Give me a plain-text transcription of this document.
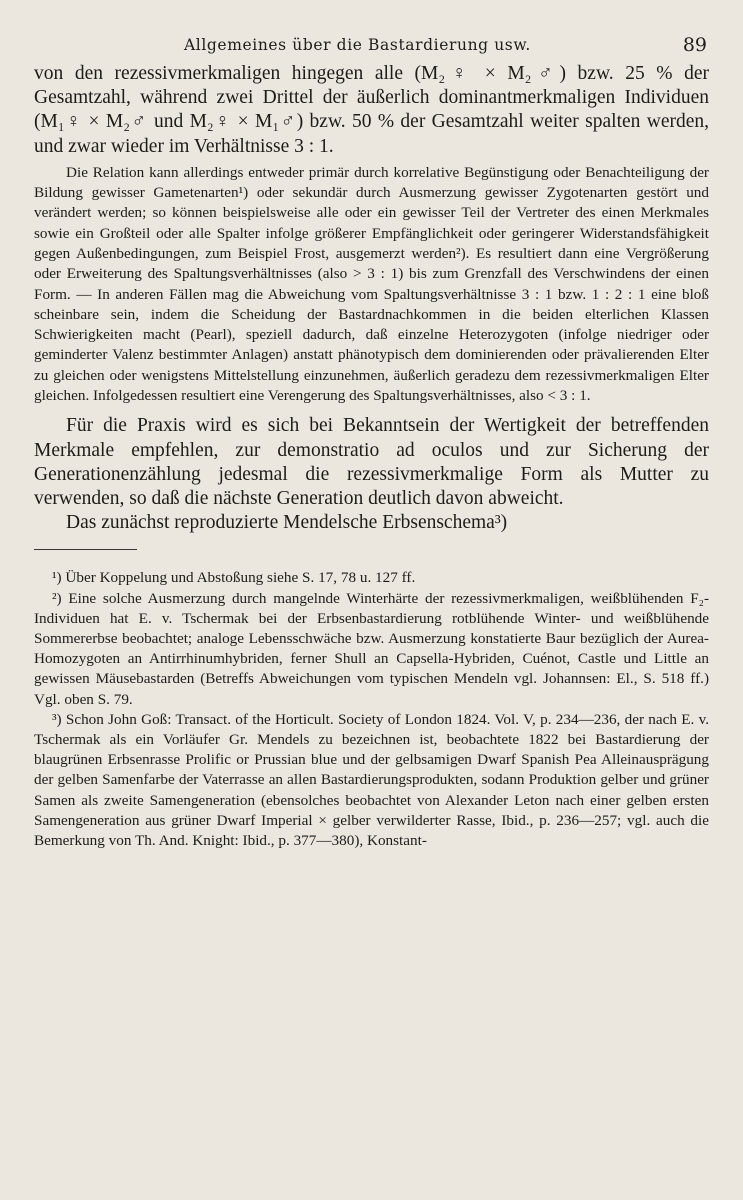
Allgemeines über die Bastardierung usw.	89

von den rezessivmerkmaligen hingegen alle (M₂♀ × M₂♂) bzw. 25 % der Gesamtzahl, während zwei Drittel der äußerlich dominantmerkmaligen Individuen (M₁♀ × M₂♂ und M₂♀ × M₁♂) bzw. 50 % der Gesamtzahl weiter spalten werden, und zwar wieder im Verhältnisse 3 : 1.

Die Relation kann allerdings entweder primär durch korrelative Begünstigung oder Benachteiligung der Bildung gewisser Gametenarten¹) oder sekundär durch Ausmerzung gewisser Zygotenarten gestört und verändert werden; so können beispielsweise alle oder ein gewisser Teil der Vertreter des einen Merkmales sowie ein Großteil oder alle Spalter infolge größerer Empfänglichkeit oder geringerer Widerstandsfähigkeit gegen Außenbedingungen, zum Beispiel Frost, ausgemerzt werden²). Es resultiert dann eine Vergrößerung oder Erweiterung des Spaltungsverhältnisses (also > 3 : 1) bis zum Grenzfall des Verschwindens der einen Form. — In anderen Fällen mag die Abweichung vom Spaltungsverhältnisse 3 : 1 bzw. 1 : 2 : 1 eine bloß scheinbare sein, indem die Scheidung der Bastardnachkommen in die beiden elterlichen Klassen Schwierigkeiten macht (Pearl), speziell dadurch, daß einzelne Heterozygoten (infolge niedriger oder geminderter Valenz bestimmter Anlagen) anstatt phänotypisch dem dominierenden oder prävalierenden Elter zu gleichen oder wenigstens Mittelstellung einzunehmen, äußerlich geradezu dem rezessivmerkmaligen Elter gleichen. Infolgedessen resultiert eine Verengerung des Spaltungsverhältnisses, also < 3 : 1.

Für die Praxis wird es sich bei Bekanntsein der Wertigkeit der betreffenden Merkmale empfehlen, zur demonstratio ad oculos und zur Sicherung der Generationenzählung jedesmal die rezessivmerkmalige Form als Mutter zu verwenden, so daß die nächste Generation deutlich davon abweicht.

Das zunächst reproduzierte Mendelsche Erbsenschema³)

¹) Über Koppelung und Abstoßung siehe S. 17, 78 u. 127 ff.

²) Eine solche Ausmerzung durch mangelnde Winterhärte der rezessivmerkmaligen, weißblühenden F₂-Individuen hat E. v. Tschermak bei der Erbsenbastardierung rotblühende Winter- und weißblühende Sommererbse beobachtet; analoge Lebensschwäche bzw. Ausmerzung konstatierte Baur bezüglich der Aurea-Homozygoten an Antirrhinumhybriden, ferner Shull an Capsella-Hybriden, Cuénot, Castle und Little an gewissen Mäusebastarden (Betreffs Abweichungen vom typischen Mendeln vgl. Johannsen: El., S. 518 ff.) Vgl. oben S. 79.

³) Schon John Goß: Transact. of the Horticult. Society of London 1824. Vol. V, p. 234—236, der nach E. v. Tschermak als ein Vorläufer Gr. Mendels zu bezeichnen ist, beobachtete 1822 bei Bastardierung der blaugrünen Erbsenrasse Prolific or Prussian blue und der gelbsamigen Dwarf Spanish Pea Alleinausprägung der gelben Samenfarbe der Vaterrasse an allen Bastardierungsprodukten, sodann Produktion gelber und grüner Samen als zweite Samengeneration (ebensolches beobachtet von Alexander Leton nach einer gelben ersten Samengeneration aus grüner Dwarf Imperial × gelber verwilderter Rasse, Ibid., p. 236—257; vgl. auch die Bemerkung von Th. And. Knight: Ibid., p. 377—380), Konstant-
